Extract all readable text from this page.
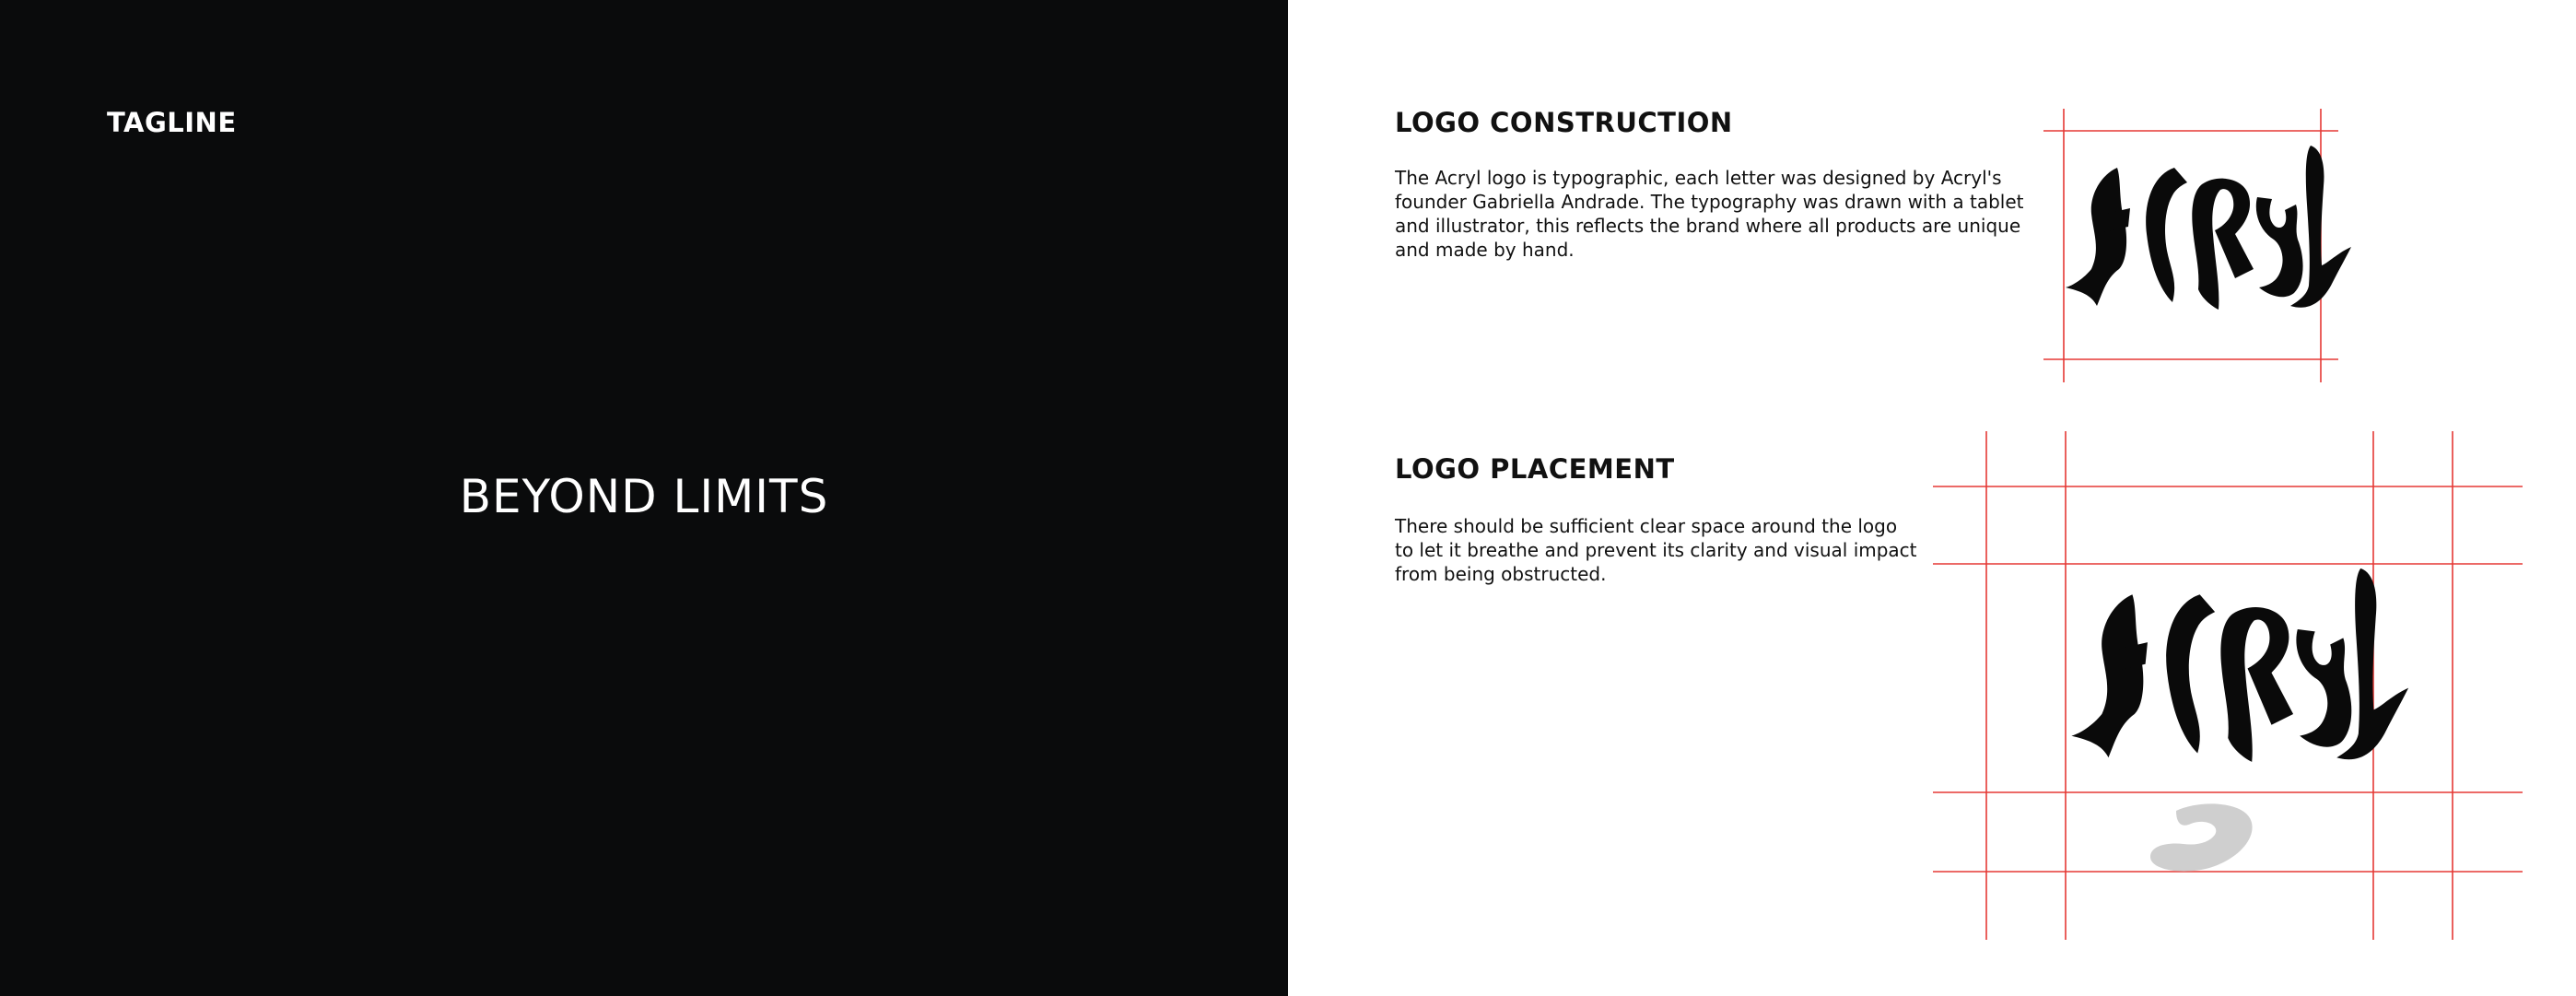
TAGLINE
BEYOND LIMITS
LOGO CONSTRUCTION
The Acryl logo is typographic, each letter was designed by Acryl's
founder Gabriella Andrade. The typography was drawn with a tablet
and illustrator, this reflects the brand where all products are unique
and made by hand.
LOGO PLACEMENT
There should be sufficient clear space around the logo
to let it breathe and prevent its clarity and visual impact
from being obstructed.
